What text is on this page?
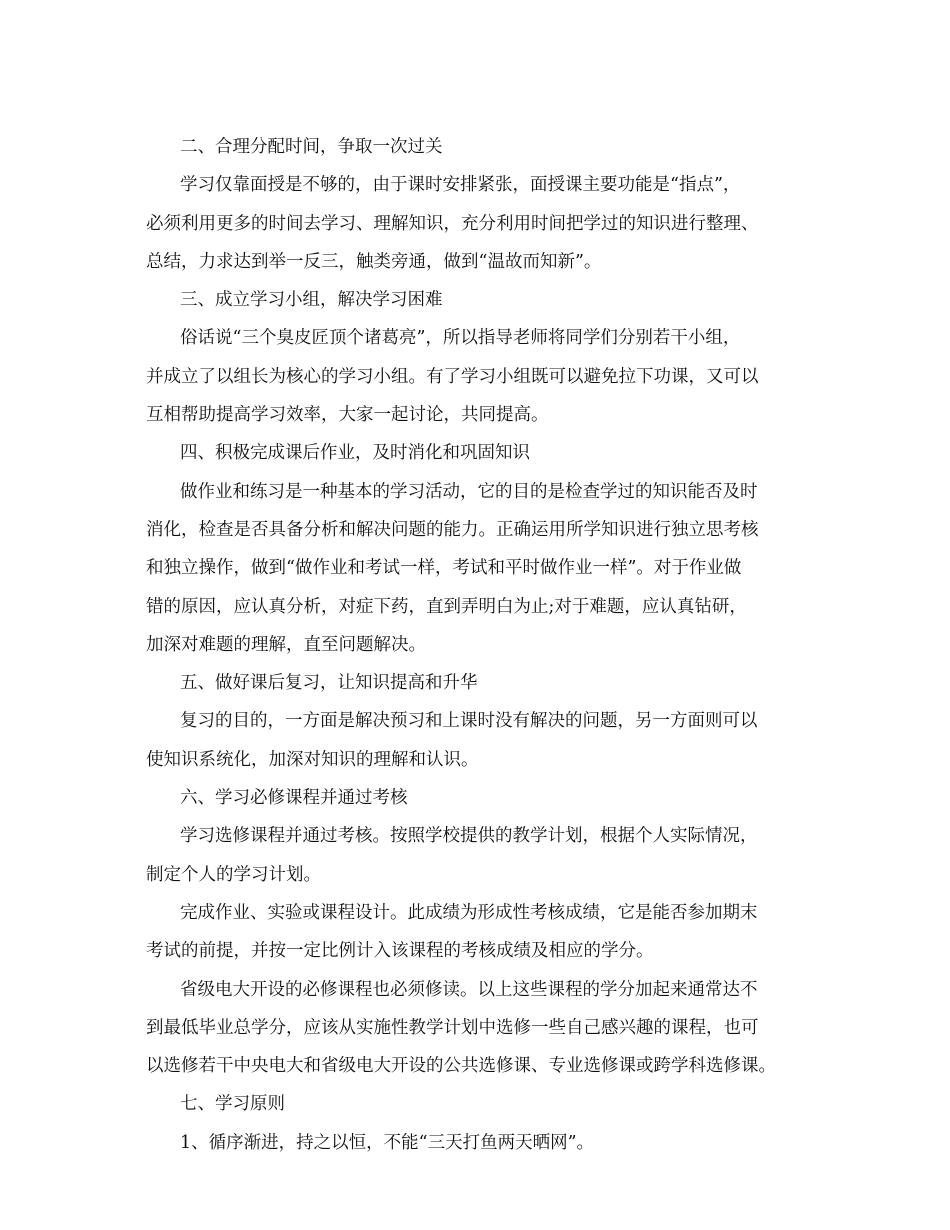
二、合理分配时间，争取一次过关
学习仅靠面授是不够的，由于课时安排紧张，面授课主要功能是“指点”，
必须利用更多的时间去学习、理解知识，充分利用时间把学过的知识进行整理、
总结，力求达到举一反三，触类旁通，做到“温故而知新”。
三、成立学习小组，解决学习困难
俗话说“三个臭皮匠顶个诸葛亮”，所以指导老师将同学们分别若干小组，
并成立了以组长为核心的学习小组。有了学习小组既可以避免拉下功课，又可以
互相帮助提高学习效率，大家一起讨论，共同提高。
四、积极完成课后作业，及时消化和巩固知识
做作业和练习是一种基本的学习活动，它的目的是检查学过的知识能否及时
消化，检查是否具备分析和解决问题的能力。正确运用所学知识进行独立思考核
和独立操作，做到“做作业和考试一样，考试和平时做作业一样”。对于作业做
错的原因，应认真分析，对症下药，直到弄明白为止;对于难题，应认真钻研，
加深对难题的理解，直至问题解决。
五、做好课后复习，让知识提高和升华
复习的目的，一方面是解决预习和上课时没有解决的问题，另一方面则可以
使知识系统化，加深对知识的理解和认识。
六、学习必修课程并通过考核
学习选修课程并通过考核。按照学校提供的教学计划，根据个人实际情况，
制定个人的学习计划。
完成作业、实验或课程设计。此成绩为形成性考核成绩，它是能否参加期末
考试的前提，并按一定比例计入该课程的考核成绩及相应的学分。
省级电大开设的必修课程也必须修读。以上这些课程的学分加起来通常达不
到最低毕业总学分，应该从实施性教学计划中选修一些自己感兴趣的课程，也可
以选修若干中央电大和省级电大开设的公共选修课、专业选修课或跨学科选修课。
七、学习原则
1、循序渐进，持之以恒，不能“三天打鱼两天晒网”。
